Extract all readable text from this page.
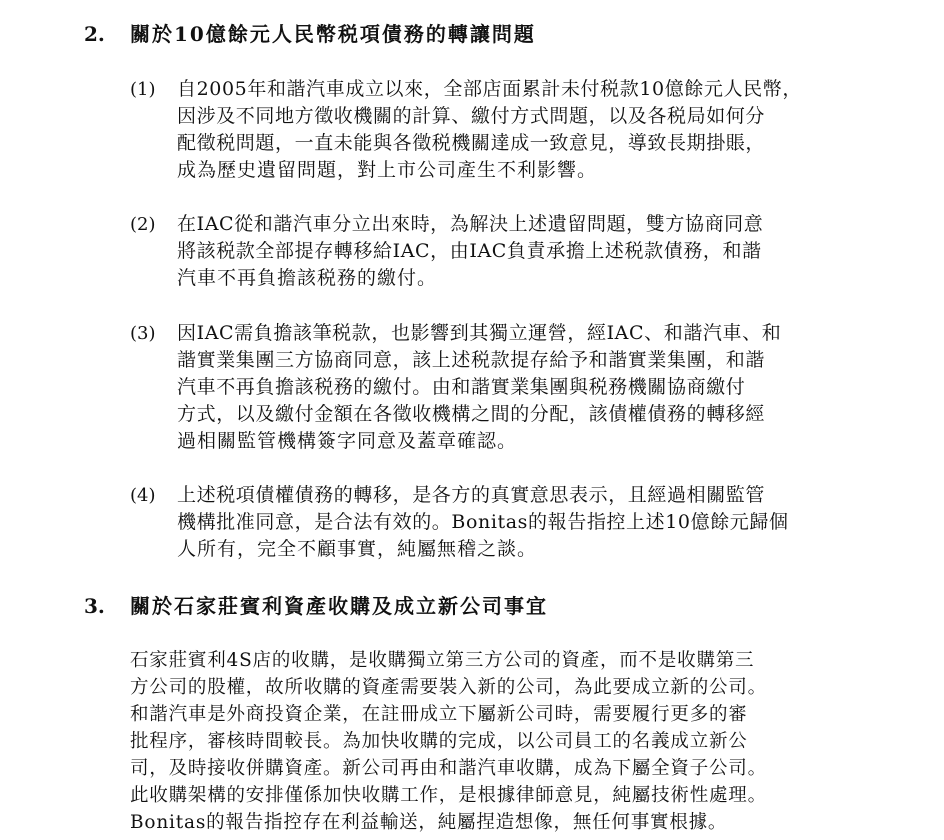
2. 關於10億餘元人民幣税項債務的轉讓問題
(1) 自2005年和諧汽車成立以來，全部店面累計未付税款10億餘元人民幣，
因涉及不同地方徵收機關的計算、繳付方式問題，以及各税局如何分
配徵税問題，一直未能與各徵税機關達成一致意見，導致長期掛賬，
成為歷史遺留問題，對上市公司產生不利影響。
(2) 在IAC從和諧汽車分立出來時，為解決上述遺留問題，雙方協商同意
將該税款全部提存轉移給IAC，由IAC負責承擔上述税款債務，和諧
汽車不再負擔該税務的繳付。
(3) 因IAC需負擔該筆税款，也影響到其獨立運營，經IAC、和諧汽車、和
諧實業集團三方協商同意，該上述税款提存給予和諧實業集團，和諧
汽車不再負擔該税務的繳付。由和諧實業集團與税務機關協商繳付
方式，以及繳付金額在各徵收機構之間的分配，該債權債務的轉移經
過相關監管機構簽字同意及蓋章確認。
(4) 上述税項債權債務的轉移，是各方的真實意思表示，且經過相關監管
機構批准同意，是合法有效的。Bonitas的報告指控上述10億餘元歸個
人所有，完全不顧事實，純屬無稽之談。
3. 關於石家莊賓利資產收購及成立新公司事宜
石家莊賓利4S店的收購，是收購獨立第三方公司的資產，而不是收購第三
方公司的股權，故所收購的資產需要裝入新的公司，為此要成立新的公司。
和諧汽車是外商投資企業，在註冊成立下屬新公司時，需要履行更多的審
批程序，審核時間較長。為加快收購的完成，以公司員工的名義成立新公
司，及時接收併購資產。新公司再由和諧汽車收購，成為下屬全資子公司。
此收購架構的安排僅係加快收購工作，是根據律師意見，純屬技術性處理。
Bonitas的報告指控存在利益輸送，純屬捏造想像，無任何事實根據。
